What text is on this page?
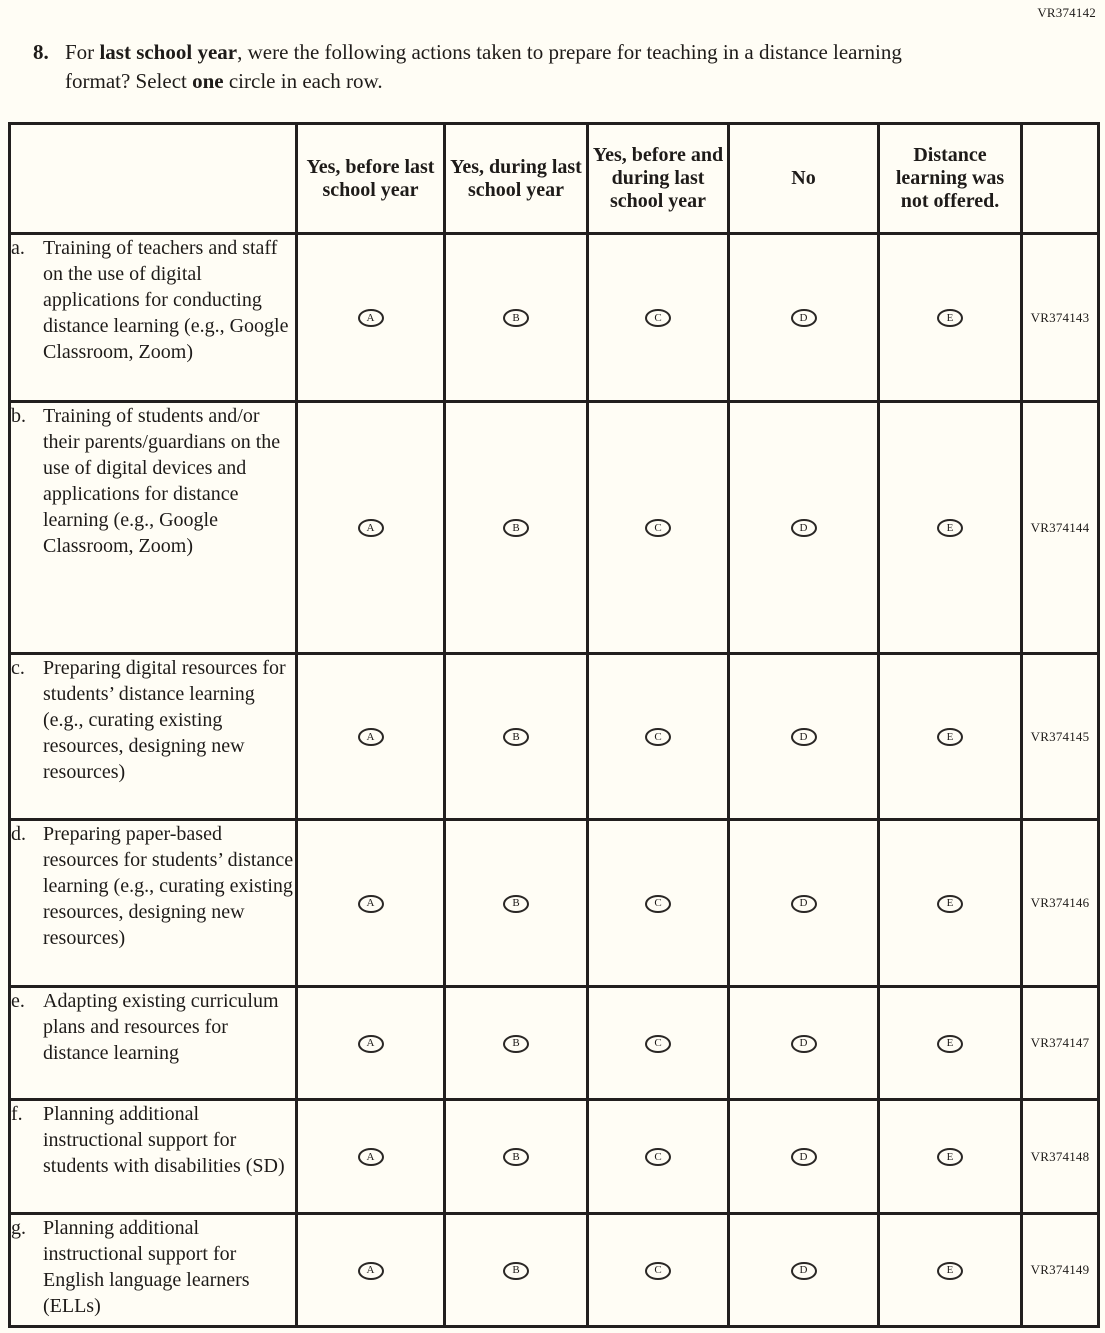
VR374142
8. For last school year, were the following actions taken to prepare for teaching in a distance learning format? Select one circle in each row.
	Yes, before last school year	Yes, during last school year	Yes, before and during last school year	No	Distance learning was not offered.	

a. Training of teachers and staff on the use of digital applications for conducting distance learning (e.g., Google Classroom, Zoom)	A	B	C	D	E	VR374143

b. Training of students and/or their parents/guardians on the use of digital devices and applications for distance learning (e.g., Google Classroom, Zoom)	A	B	C	D	E	VR374144

c. Preparing digital resources for students’ distance learning (e.g., curating existing resources, designing new resources)	A	B	C	D	E	VR374145

d. Preparing paper-based resources for students’ distance learning (e.g., curating existing resources, designing new resources)	A	B	C	D	E	VR374146

e. Adapting existing curriculum plans and resources for distance learning	A	B	C	D	E	VR374147

f. Planning additional instructional support for students with disabilities (SD)	A	B	C	D	E	VR374148

g. Planning additional instructional support for English language learners (ELLs)	A	B	C	D	E	VR374149
